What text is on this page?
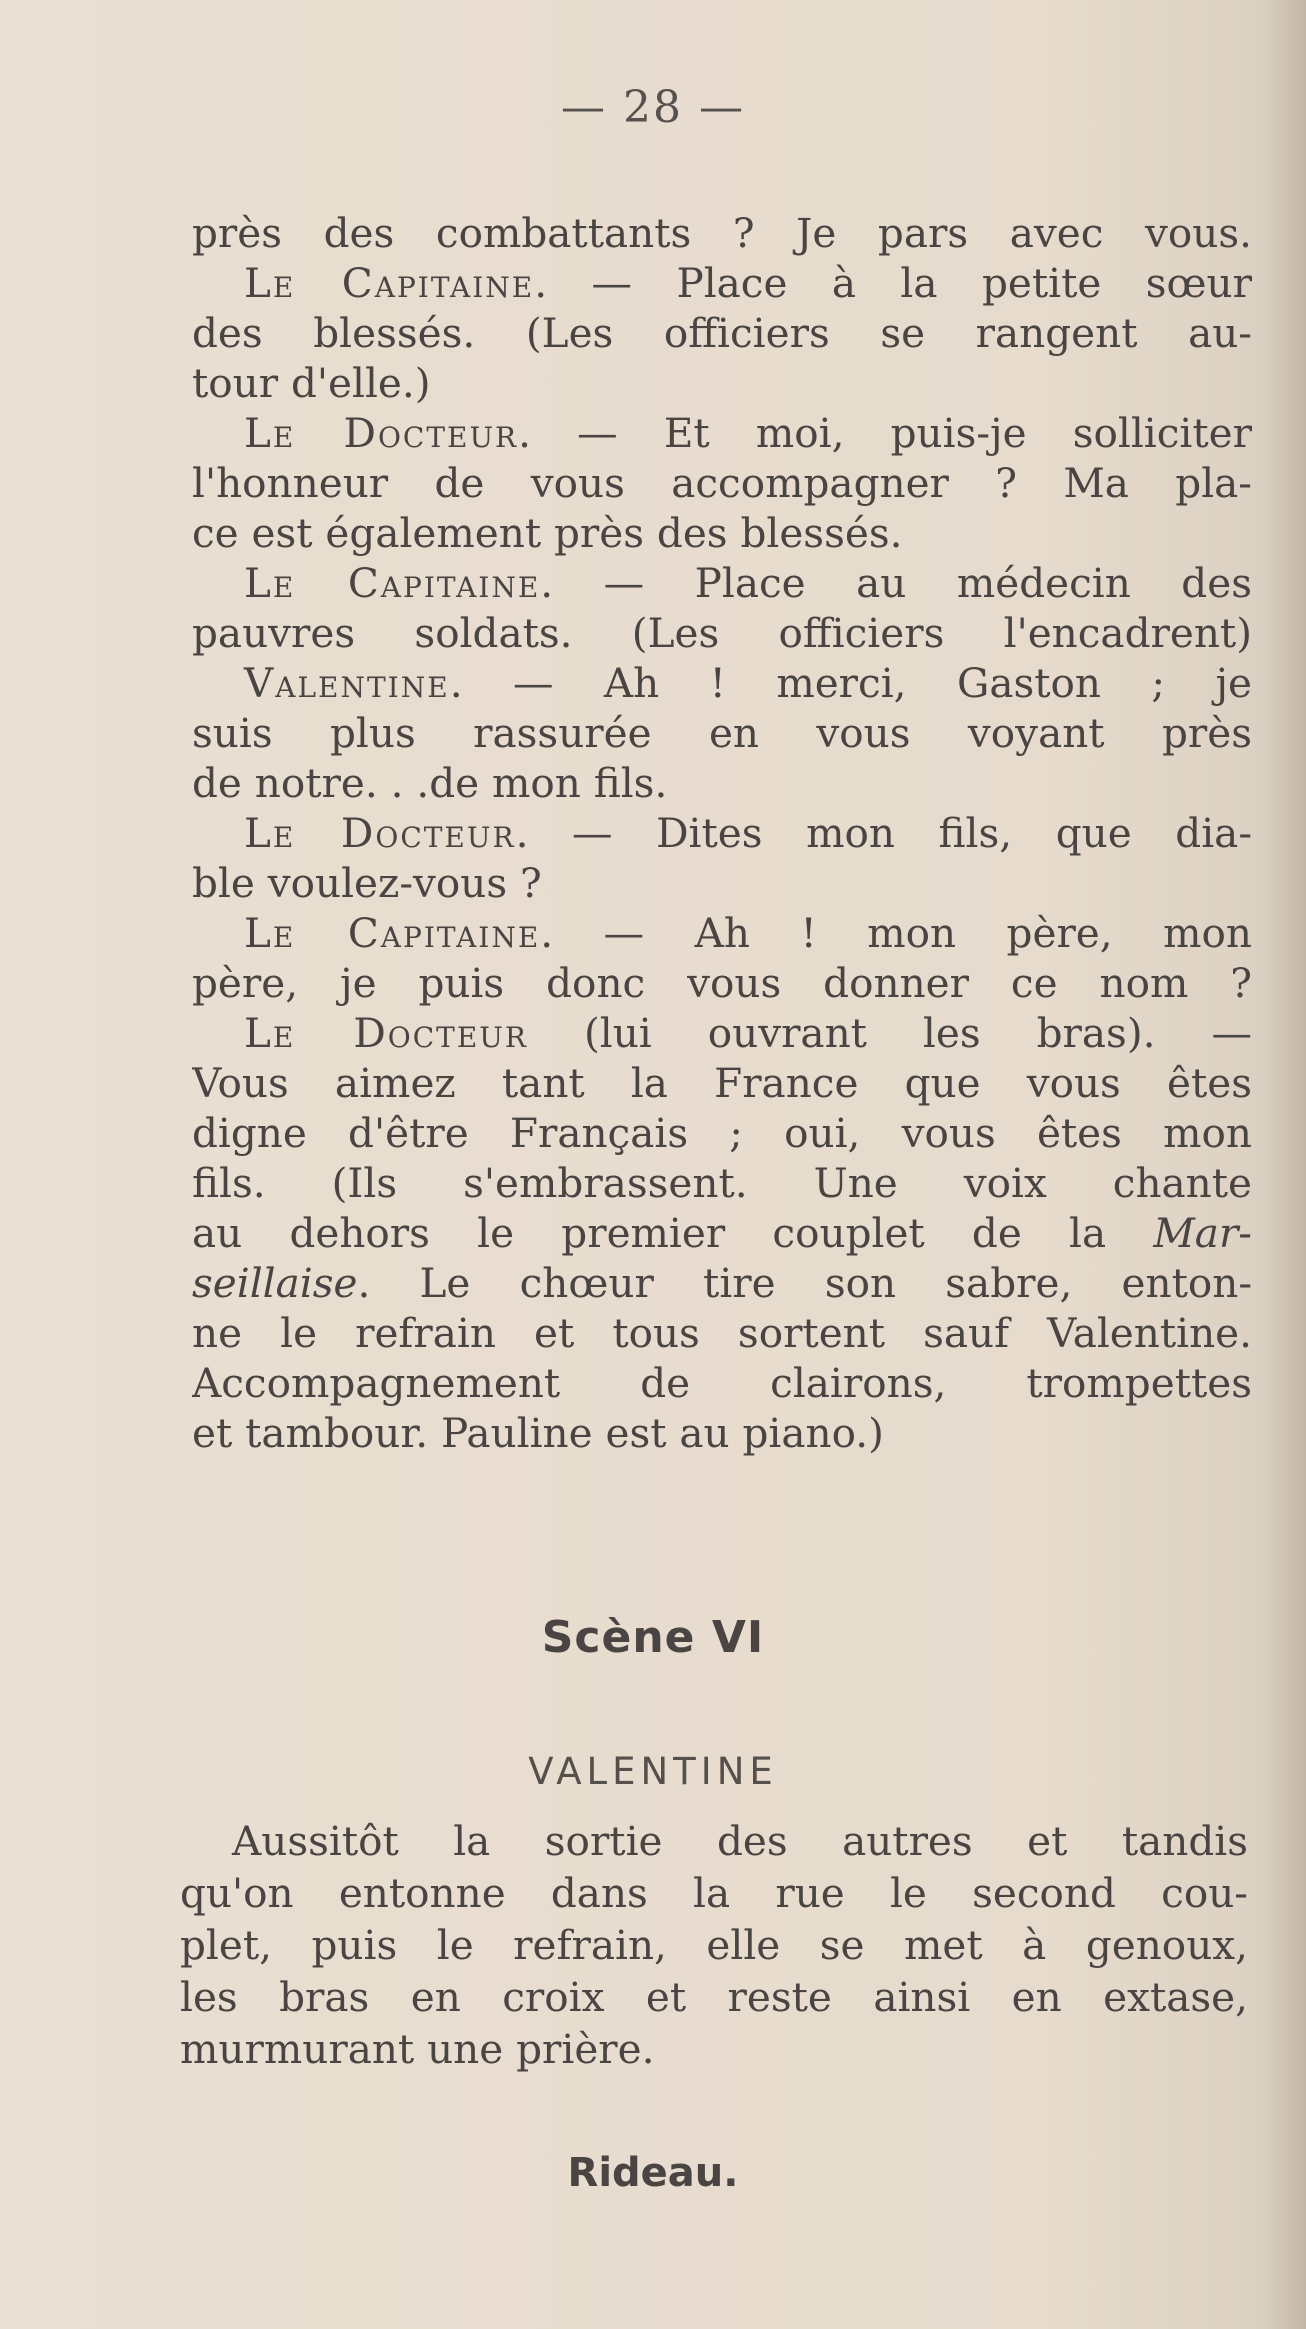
— 28 —
près des combattants ? Je pars avec vous.
Le Capitaine. — Place à la petite sœur
des blessés. (Les officiers se rangent au-
tour d'elle.)
Le Docteur. — Et moi, puis-je solliciter
l'honneur de vous accompagner ? Ma pla-
ce est également près des blessés.
Le Capitaine. — Place au médecin des
pauvres soldats. (Les officiers l'encadrent)
Valentine. — Ah ! merci, Gaston ; je
suis plus rassurée en vous voyant près
de notre. . .de mon fils.
Le Docteur. — Dites mon fils, que dia-
ble voulez-vous ?
Le Capitaine. — Ah ! mon père, mon
père, je puis donc vous donner ce nom ?
Le Docteur (lui ouvrant les bras). —
Vous aimez tant la France que vous êtes
digne d'être Français ; oui, vous êtes mon
fils. (Ils s'embrassent. Une voix chante
au dehors le premier couplet de la Mar-
seillaise. Le chœur tire son sabre, enton-
ne le refrain et tous sortent sauf Valentine.
Accompagnement de clairons, trompettes
et tambour. Pauline est au piano.)
Scène VI
VALENTINE
Aussitôt la sortie des autres et tandis
qu'on entonne dans la rue le second cou-
plet, puis le refrain, elle se met à genoux,
les bras en croix et reste ainsi en extase,
murmurant une prière.
Rideau.
